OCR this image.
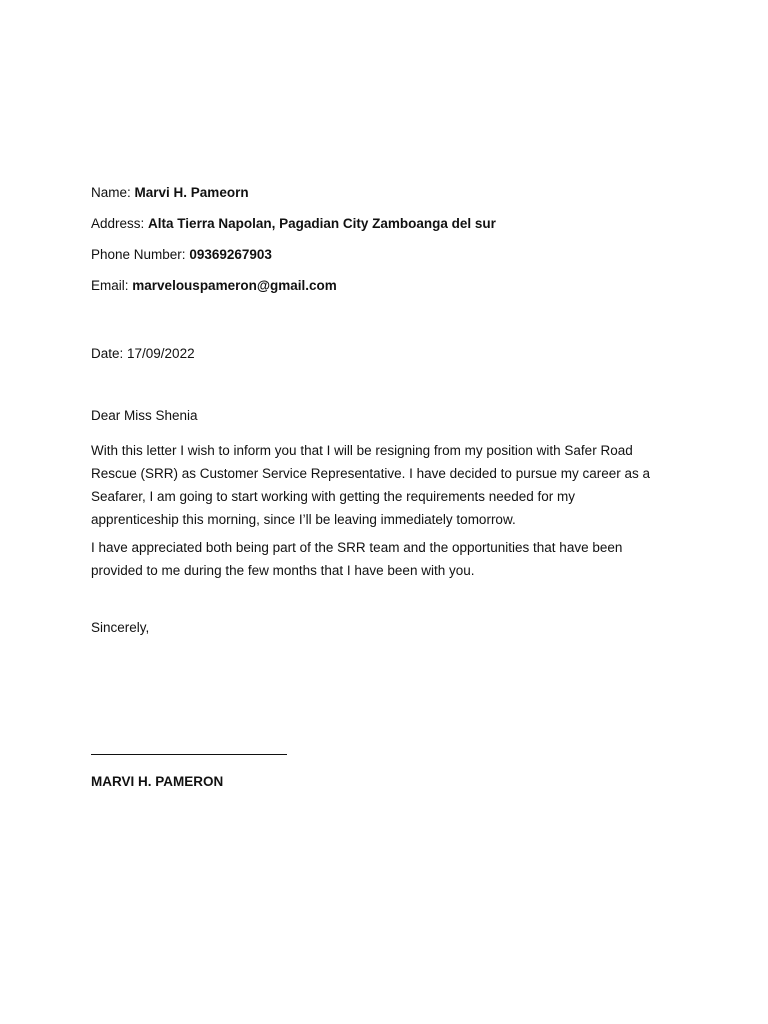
Name: Marvi H. Pameorn
Address: Alta Tierra Napolan, Pagadian City Zamboanga del sur
Phone Number: 09369267903
Email: marvelouspameron@gmail.com
Date: 17/09/2022
Dear Miss Shenia
With this letter I wish to inform you that I will be resigning from my position with Safer Road
Rescue (SRR) as Customer Service Representative. I have decided to pursue my career as a
Seafarer, I am going to start working with getting the requirements needed for my
apprenticeship this morning, since I’ll be leaving immediately tomorrow.
I have appreciated both being part of the SRR team and the opportunities that have been
provided to me during the few months that I have been with you.
Sincerely,
MARVI H. PAMERON
